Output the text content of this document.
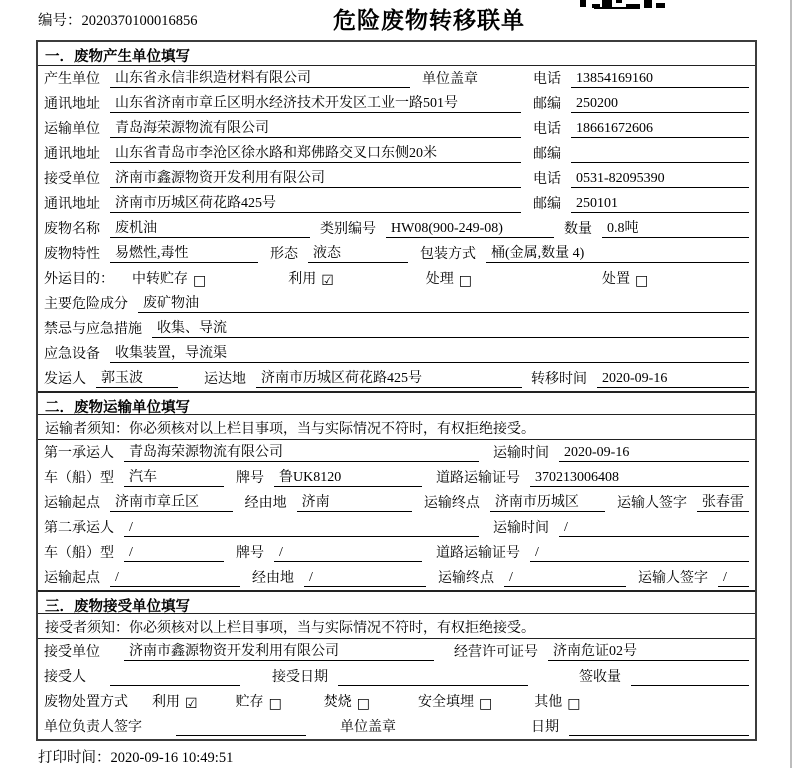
编号：2020370100016856	危险废物转移联单
一．废物产生单位填写
产生单位	山东省永信非织造材料有限公司	单位盖章	电话	13854169160
通讯地址	山东省济南市章丘区明水经济技术开发区工业一路501号	邮编	250200
运输单位	青岛海荣源物流有限公司	电话	18661672606
通讯地址	山东省青岛市李沧区徐水路和郑佛路交叉口东侧20米	邮编
接受单位	济南市鑫源物资开发利用有限公司	电话	0531-82095390
通讯地址	济南市历城区荷花路425号	邮编	250101
废物名称	废机油	类别编号	HW08(900-249-08)	数量	0.8吨
废物特性	易燃性,毒性	形态	液态	包装方式	桶(金属,数量 4)
外运目的： 中转贮存 □	利用 ☑	处理 □	处置 □
主要危险成分	废矿物油
禁忌与应急措施	收集、导流
应急设备	收集装置，导流渠
发运人	郭玉波	运达地	济南市历城区荷花路425号	转移时间	2020-09-16
二．废物运输单位填写
运输者须知：你必须核对以上栏目事项，当与实际情况不符时，有权拒绝接受。
第一承运人	青岛海荣源物流有限公司	运输时间	2020-09-16
车（船）型	汽车	牌号	鲁UK8120	道路运输证号	370213006408
运输起点	济南市章丘区	经由地	济南	运输终点	济南市历城区	运输人签字	张春雷
第二承运人	/	运输时间	/
车（船）型	/	牌号	/	道路运输证号	/
运输起点	/	经由地	/	运输终点	/	运输人签字	/
三．废物接受单位填写
接受者须知：你必须核对以上栏目事项，当与实际情况不符时，有权拒绝接受。
接受单位	济南市鑫源物资开发利用有限公司	经营许可证号	济南危证02号
接受人	接受日期	签收量
废物处置方式 利用 ☑	贮存 □	焚烧 □	安全填埋 □	其他 □
单位负责人签字	单位盖章	日期
打印时间：2020-09-16 10:49:51
